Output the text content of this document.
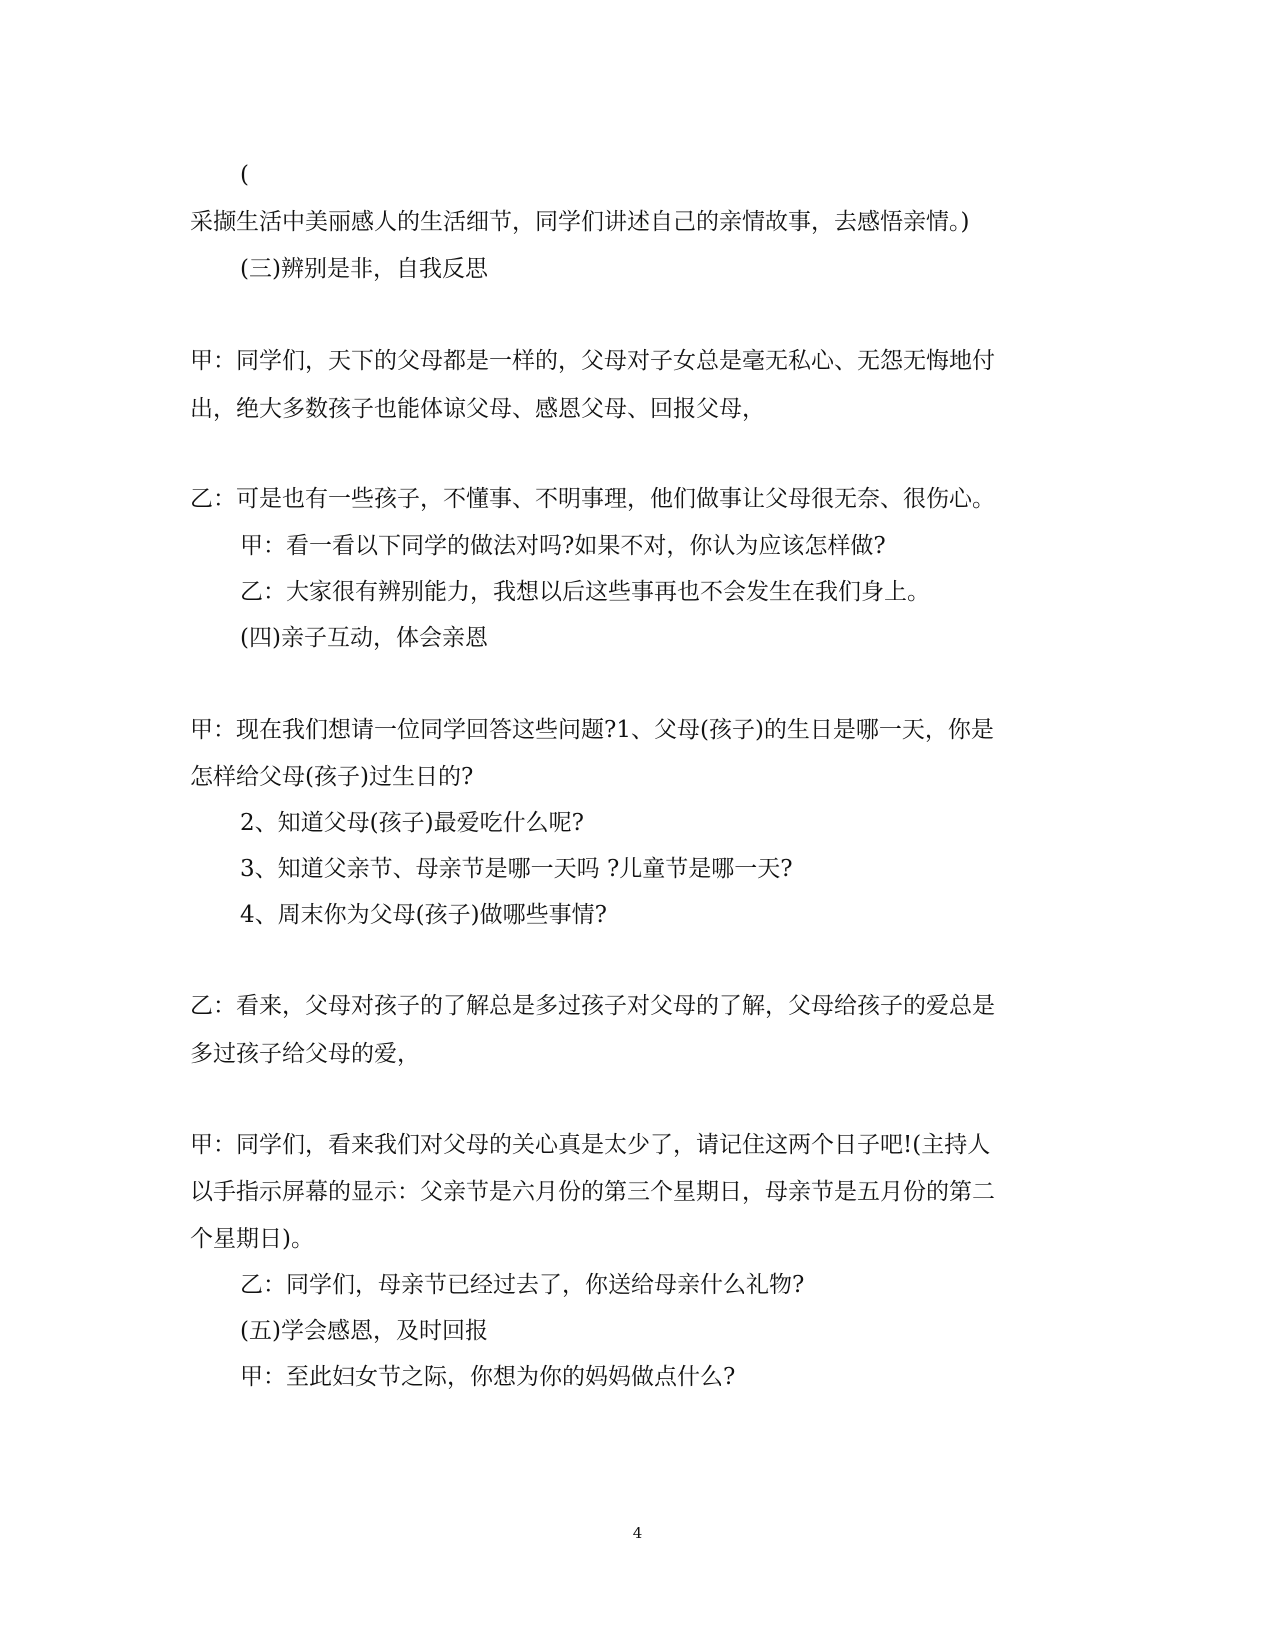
(
采撷生活中美丽感人的生活细节，同学们讲述自己的亲情故事，去感悟亲情。)
(三)辨别是非，自我反思
甲：同学们，天下的父母都是一样的，父母对子女总是毫无私心、无怨无悔地付
出，绝大多数孩子也能体谅父母、感恩父母、回报父母，
乙：可是也有一些孩子，不懂事、不明事理，他们做事让父母很无奈、很伤心。
甲：看一看以下同学的做法对吗?如果不对，你认为应该怎样做?
乙：大家很有辨别能力，我想以后这些事再也不会发生在我们身上。
(四)亲子互动，体会亲恩
甲：现在我们想请一位同学回答这些问题?1、父母(孩子)的生日是哪一天，你是
怎样给父母(孩子)过生日的?
2、知道父母(孩子)最爱吃什么呢?
3、知道父亲节、母亲节是哪一天吗 ?儿童节是哪一天?
4、周末你为父母(孩子)做哪些事情?
乙：看来，父母对孩子的了解总是多过孩子对父母的了解，父母给孩子的爱总是
多过孩子给父母的爱，
甲：同学们，看来我们对父母的关心真是太少了，请记住这两个日子吧!(主持人
以手指示屏幕的显示：父亲节是六月份的第三个星期日，母亲节是五月份的第二
个星期日)。
乙：同学们，母亲节已经过去了，你送给母亲什么礼物?
(五)学会感恩，及时回报
甲：至此妇女节之际，你想为你的妈妈做点什么?
4
